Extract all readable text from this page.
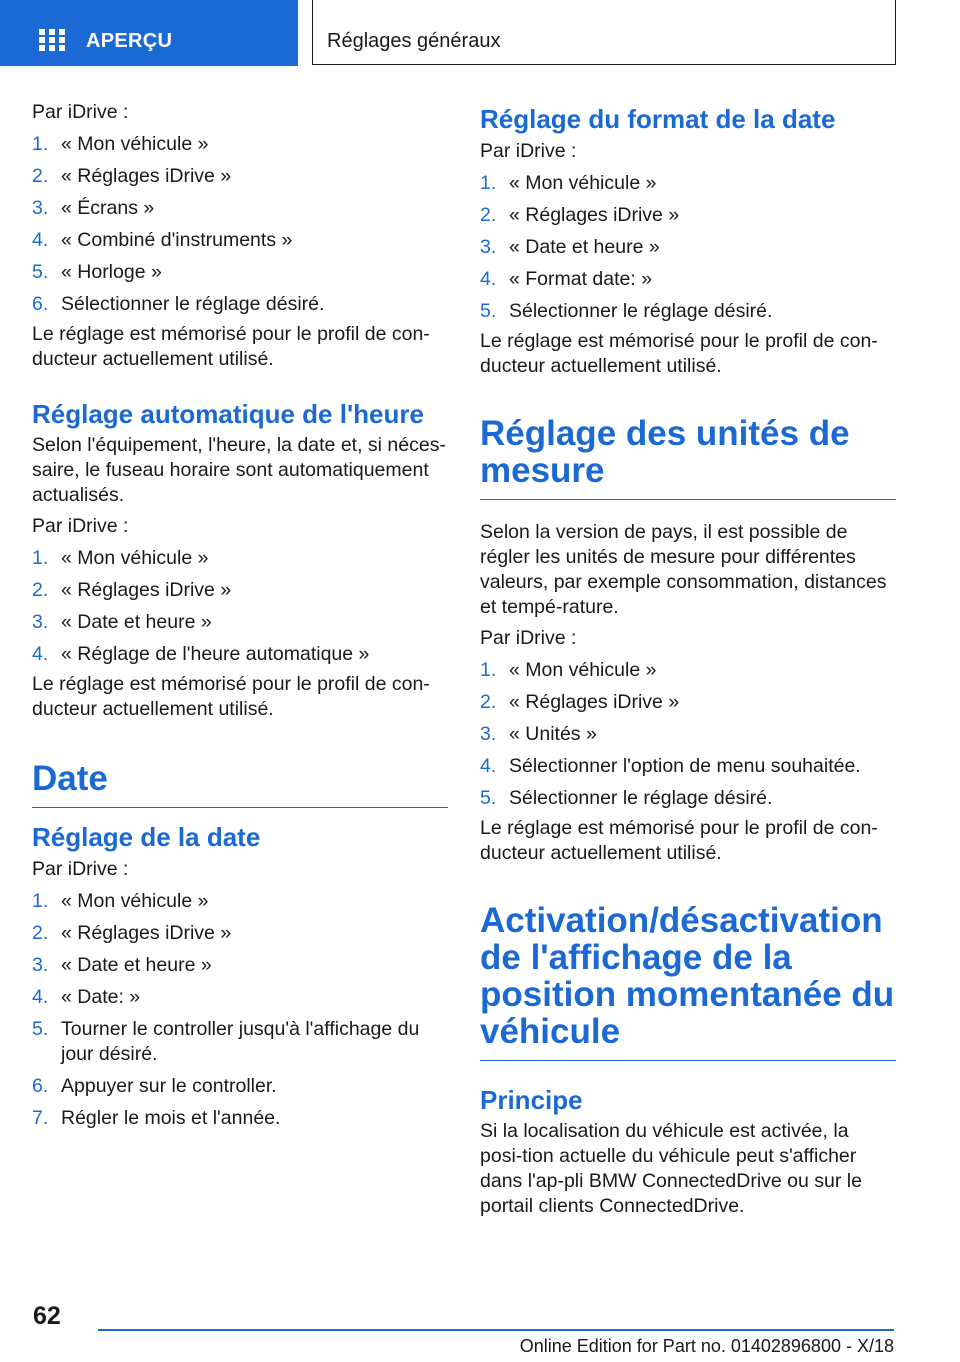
APERÇU	Réglages généraux

Par iDrive :

1. « Mon véhicule »
2. « Réglages iDrive »
3. « Écrans »
4. « Combiné d'instruments »
5. « Horloge »
6. Sélectionner le réglage désiré.

Le réglage est mémorisé pour le profil de con‐ducteur actuellement utilisé.

Réglage automatique de l'heure

Selon l'équipement, l'heure, la date et, si néces‐saire, le fuseau horaire sont automatiquement actualisés.

Par iDrive :

1. « Mon véhicule »
2. « Réglages iDrive »
3. « Date et heure »
4. « Réglage de l'heure automatique »

Le réglage est mémorisé pour le profil de con‐ducteur actuellement utilisé.

Date
Réglage de la date

Par iDrive :

1. « Mon véhicule »
2. « Réglages iDrive »
3. « Date et heure »
4. « Date: »
5. Tourner le controller jusqu'à l'affichage du jour désiré.
6. Appuyer sur le controller.
7. Régler le mois et l'année.
Réglage du format de la date

Par iDrive :

1. « Mon véhicule »
2. « Réglages iDrive »
3. « Date et heure »
4. « Format date: »
5. Sélectionner le réglage désiré.

Le réglage est mémorisé pour le profil de con‐ducteur actuellement utilisé.

Réglage des unités de mesure

Selon la version de pays, il est possible de régler les unités de mesure pour différentes valeurs, par exemple consommation, distances et tempé‐rature.

Par iDrive :

1. « Mon véhicule »
2. « Réglages iDrive »
3. « Unités »
4. Sélectionner l'option de menu souhaitée.
5. Sélectionner le réglage désiré.

Le réglage est mémorisé pour le profil de con‐ducteur actuellement utilisé.

Activation/désactivation de l'affichage de la position momentanée du véhicule
Principe

Si la localisation du véhicule est activée, la posi‐tion actuelle du véhicule peut s'afficher dans l'ap‐pli BMW ConnectedDrive ou sur le portail clients ConnectedDrive.

62
Online Edition for Part no. 01402896800 - X/18
